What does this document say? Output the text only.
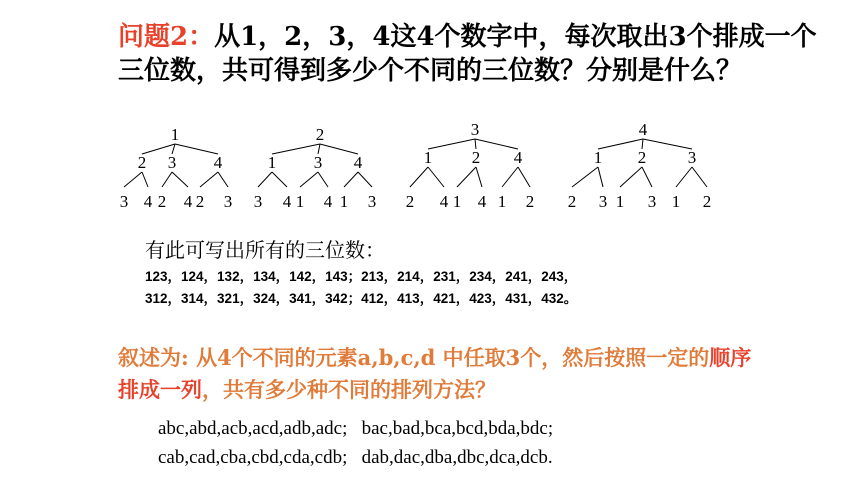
问题2：从1，2，3，4这4个数字中，每次取出3个排成一个三位数，共可得到多少个不同的三位数？分别是什么？
1
2
3 4
3
2 4
4
2 3
2
1
3 4
3
1 4
4
1 3
3
1
2 4
2
1 4
4
1 2
4
1
2 3
2
1 3
3
1 2
有此可写出所有的三位数：
123，124，132，134，142，143；213，214，231，234，241，243，
312，314，321，324，341，342；412，413，421，423，431，432。
叙述为: 从4个不同的元素a,b,c,d 中任取3个，然后按照一定的顺序排成一列，共有多少种不同的排列方法？
abc,abd,acb,acd,adb,adc;   bac,bad,bca,bcd,bda,bdc;
cab,cad,cba,cbd,cda,cdb;   dab,dac,dba,dbc,dca,dcb.
